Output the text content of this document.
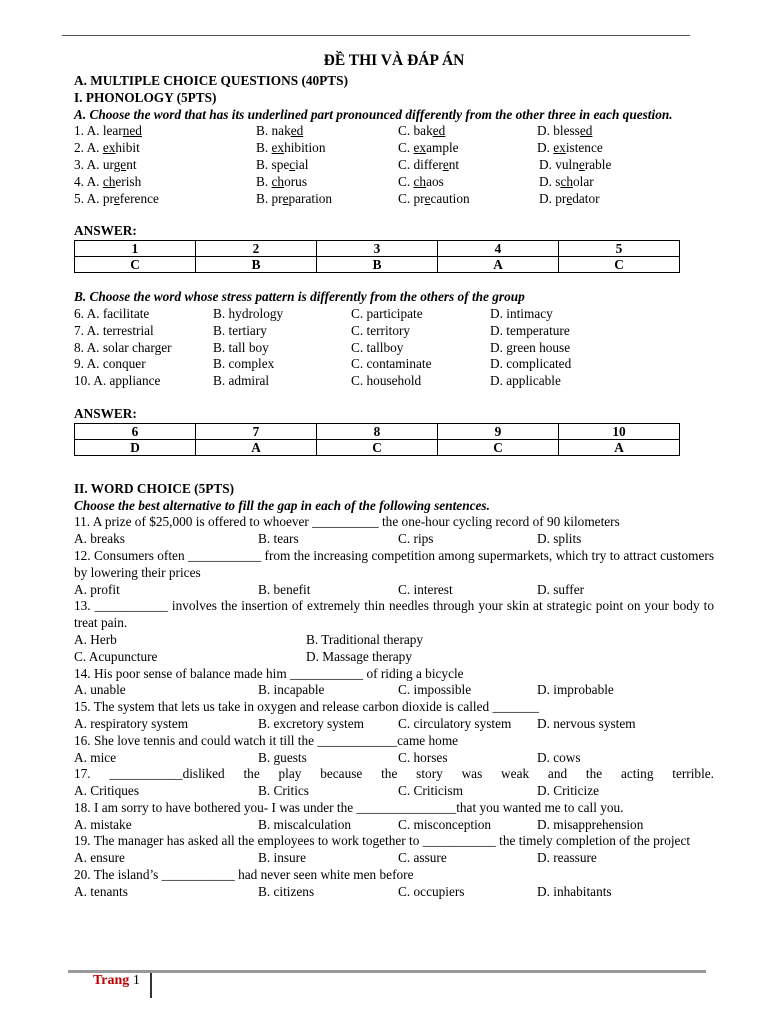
ĐỀ THI VÀ ĐÁP ÁN
A. MULTIPLE CHOICE QUESTIONS (40PTS)
I. PHONOLOGY (5PTS)
A. Choose the word that has its underlined part pronounced differently from the other three in each question.
1. A. learned	B. naked	C. baked	D. blessed
2. A. exhibit	B. exhibition	C. example	D. existence
3. A. urgent	B. special	C. different	D. vulnerable
4. A. cherish	B. chorus	C. chaos	D. scholar
5. A. preference	B. preparation	C. precaution	D. predator
ANSWER:
1	2	3	4	5
C	B	B	A	C
B. Choose the word whose stress pattern is differently from the others of the group
6. A. facilitate	B. hydrology	C. participate	D. intimacy
7. A. terrestrial	B. tertiary	C. territory	D. temperature
8. A. solar charger	B. tall boy	C. tallboy	D. green house
9. A. conquer	B. complex	C. contaminate	D. complicated
10. A. appliance	B. admiral	C. household	D. applicable
ANSWER:
6	7	8	9	10
D	A	C	C	A
II. WORD CHOICE (5PTS)
Choose the best alternative to fill the gap in each of the following sentences.
11. A prize of $25,000 is offered to whoever __________ the one-hour cycling record of 90 kilometers
A. breaks	B. tears	C. rips	D. splits
12. Consumers often ___________ from the increasing competition among supermarkets, which try to attract customers by lowering their prices
A. profit	B. benefit	C. interest	D. suffer
13. ___________ involves the insertion of extremely thin needles through your skin at strategic point on your body to treat pain.
A. Herb	B. Traditional therapy
C. Acupuncture	D. Massage therapy
14. His poor sense of balance made him ___________ of riding a bicycle
A. unable	B. incapable	C. impossible	D. improbable
15. The system that lets us take in oxygen and release carbon dioxide is called _______
A. respiratory system	B. excretory system	C. circulatory system D. nervous system
16. She love tennis and could watch it till the ____________came home
A. mice	B. guests	C. horses	D. cows
17. ___________disliked the play because the story was weak and the acting terrible.
A. Critiques	B. Critics	C. Criticism	D. Criticize
18. I am sorry to have bothered you- I was under the _______________that you wanted me to call you.
A. mistake	B. miscalculation	C. misconception	D. misapprehension
19. The manager has asked all the employees to work together to ___________ the timely completion of the project
A. ensure	B. insure	C. assure	D. reassure
20. The island’s ___________ had never seen white men before
A. tenants	B. citizens	C. occupiers	D. inhabitants
Trang 1
